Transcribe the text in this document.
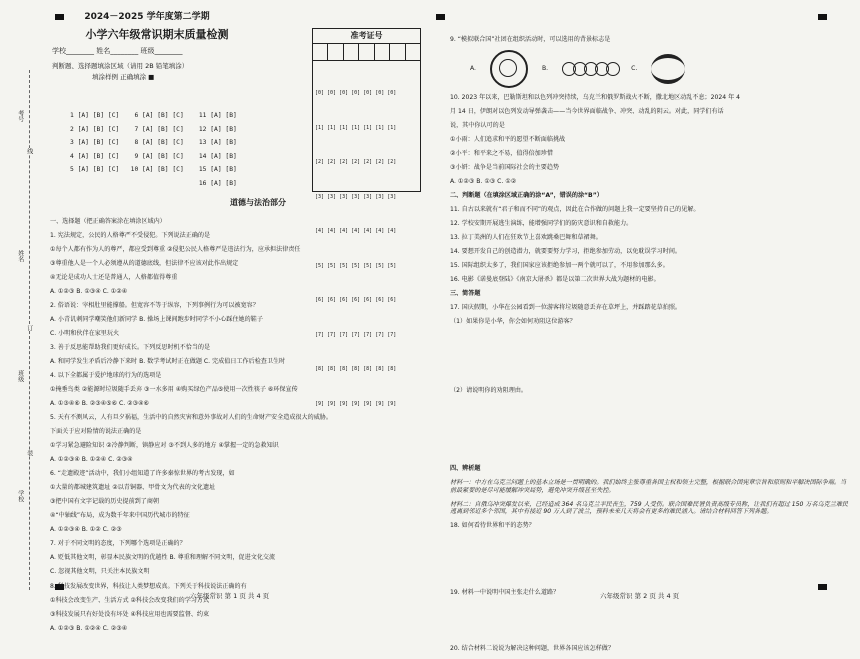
考号
姓名
班级
学校
线
订
装
2024－2025 学年度第二学期
小学六年级常识期末质量检测
学校________ 姓名________ 班级________
判断题、选择题填涂区域（请用 2B 铅笔填涂）
填涂样例 正确填涂 ■
1 [A] [B] [C]    6 [A] [B] [C]    11 [A] [B]
2 [A] [B] [C]    7 [A] [B] [C]    12 [A] [B]
3 [A] [B] [C]    8 [A] [B] [C]    13 [A] [B]
4 [A] [B] [C]    9 [A] [B] [C]    14 [A] [B]
5 [A] [B] [C]   10 [A] [B] [C]    15 [A] [B]
16 [A] [B]
准考证号

[0] [0] [0] [0] [0] [0] [0]

[1] [1] [1] [1] [1] [1] [1]

[2] [2] [2] [2] [2] [2] [2]

[3] [3] [3] [3] [3] [3] [3]

[4] [4] [4] [4] [4] [4] [4]

[5] [5] [5] [5] [5] [5] [5]

[6] [6] [6] [6] [6] [6] [6]

[7] [7] [7] [7] [7] [7] [7]

[8] [8] [8] [8] [8] [8] [8]

[9] [9] [9] [9] [9] [9] [9]

道德与法治部分

一、选择题（把正确答案涂在填涂区域内）

1. 宪法规定，公民的人格尊严不受侵犯。下列说法正确的是

①每个人都有作为人的尊严，都应受到尊重 ②侵犯公民人格尊严是违法行为，应承担法律责任

③尊重他人是一个人必须遵从的道德底线，但法律不应该对此作出规定

④无论是成功人士还是普通人，人格都值得尊重

A. ①②③ B. ①③④ C. ①②④

2. 俗语说：宰相肚里能撑船。但宽容不等于纵容，下列事例行为可以被宽容？

A. 小青讥刺同学嘲笑他们新同学 B. 操场上课间跑步时同学不小心踩住她的鞋子

C. 小明和伙伴在家里玩火

3. 善于反思能帮助我们更好成长。下列反思时机不恰当的是

A. 和同学发生矛盾后冷静下来时 B. 数学考试时正在做题 C. 完成值日工作后检查卫生时

4. 以下全都属于爱护地球的行为的选项是

①掩垂鸟类 ②能源时垃圾随手丢弃 ③一水多用 ④购买绿色产品⑤使用一次性筷子 ⑥环保宣传

A. ①③④⑥ B. ②③④⑤⑥ C. ②③④⑥

5. 天有不测风云，人有旦夕祸福，生活中的自然灾害和意外事故对人们的生命财产安全造成很大的威胁。

下面关于应对险情的说法正确的是

①学习紧急避险知识 ②冷静判断，镇静应对 ③不到人多的地方 ④掌握一定的急救知识

A. ①②③④ B. ①②④ C. ②③④

6. “走遗殿迹”活动中，我们小组知道了许多秦惊世界的考古发现，如

①大量的都城建筑遗址 ②以青铜器、甲骨文为代表的文化遗址

③把中国有文字记载的历史提前到了商朝

④“中轴线”布局，成为数千年来中国历代城市的特征

A. ①②③④ B. ①② C. ②③

7. 对于不同文明的态度，下列哪个选项是正确的？

A. 贬低其他文明，彰显本民族文明的优越性 B. 尊重和理解不同文明，促进文化交流

C. 忽视其他文明，只关注本民族文明

8. 科技发展改变世界，科技让人类梦想成真。下列关于科技说法正确的有

①科技会改变生产、生活方式 ②科技会改变我们的学习方式

③科技发展只有好处没有坏处 ④科技应用也需要监督、约束

A. ①②③ B. ①②④ C. ②③④

六年级常识 第 1 页 共 4 页

9. “模拟联合国”社团在组织活动时，可以选用的背景标志是

A.	B.	C.

10. 2023 年以来，巴勒斯坦和以色列冲突持续，乌克兰和俄罗斯战火不断，撒北地区动乱不息；2024 年 4

月 14 日，伊朗对以色列发动导弹袭击——当今世界面临战争、冲突、动乱的阴云。对此，同学们有话

说，其中你认可的是

①小雨：人们追求和平的愿望不断面临挑战

②小平：和平来之不易，值得倍加珍惜

③小妍：战争是当前国际社会的主要趋势

A. ①②③ B. ①③ C. ①②

二、判断题（在填涂区域正确的涂“A”，错误的涂“B”）

11. 自古以来就有“君子和而不同”的观点，因此在合作做的问题上我一定要坚持自己的见解。

12. 学校安期开展逃生演练，能增强同学们的防灾意识和自救能力。

13. 拉丁美洲的人们在狂欢节上喜欢跳桑巴舞和草裙舞。

14. 要想开发自己的创造潜力，就要要努力学习，拒绝参加劳动，以免耽误学习时间。

15. 国际组织太多了，我们国家应该拒绝参加一两个就可以了，不用参加那么多。

16. 电影《诺曼底登陆》《南京大屠杀》都是以第二次世界大战为题材的电影。

三、简答题

17. 国庆假期，小华在公园看到一位游客将垃圾随意丢弃在草坪上，并踩踏花草拍照。

（1）如果你是小华，你会如何劝阻这位游客？

（2）请说明你的劝阻理由。

四、辨析题

材料一：中方在乌克兰问题上的基本立场是一贯明确的。我们始终主张尊重各国主权和领土完整，根据联合国宪章宗旨和原则和平解决国际争端。当前最紧要的是尽可能缓解冲突局势，避免冲突升级甚至失控。

材料二：自俄乌冲突爆发以来，已经造成 364 名乌克兰平民丧生，759 人受伤。联合国难民署负责高级专员称，让我们有超过 150 万名乌克兰难民逃离到邻近多个邻国，其中有接近 90 万人到了波兰，预料未来几天将会有更多的难民涌入。请结合材料回答下列各题。

18. 如何看待世界和平的态势？

19. 材料一中说明中国主张走什么道路？

20. 结合材料二说说为解决这种问题，世界各国应该怎样做？

六年级常识 第 2 页 共 4 页
